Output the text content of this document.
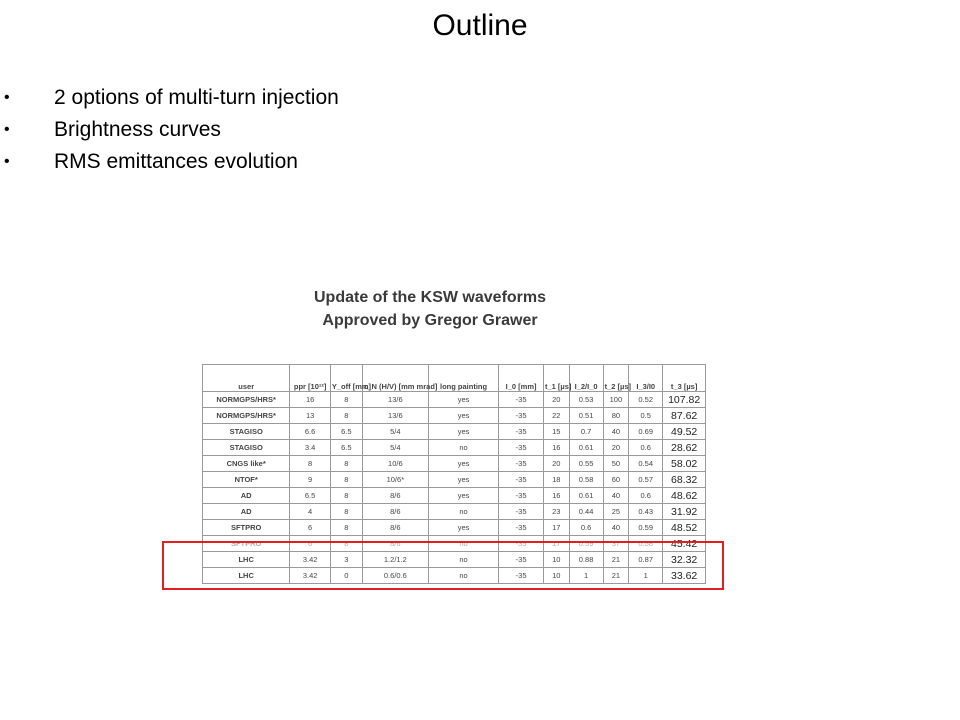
Outline
• 2 options of multi-turn injection
• Brightness curves
• RMS emittances evolution
Update of the KSW waveforms
Approved by Gregor Grawer
user	ppr [10¹²]	Y_off [mm]	ε_N (H/V) [mm mrad]	long painting	I_0 [mm]	t_1 [µs]	I_2/I_0	t_2 [µs]	I_3/I0	t_3 [µs]
NORMGPS/HRS*	16	8	13/6	yes	-35	20	0.53	100	0.52	107.82
NORMGPS/HRS*	13	8	13/6	yes	-35	22	0.51	80	0.5	87.62
STAGISO	6.6	6.5	5/4	yes	-35	15	0.7	40	0.69	49.52
STAGISO	3.4	6.5	5/4	no	-35	16	0.61	20	0.6	28.62
CNGS like*	8	8	10/6	yes	-35	20	0.55	50	0.54	58.02
NTOF*	9	8	10/6*	yes	-35	18	0.58	60	0.57	68.32
AD	6.5	8	8/6	yes	-35	16	0.61	40	0.6	48.62
AD	4	8	8/6	no	-35	23	0.44	25	0.43	31.92
SFTPRO	6	8	8/6	yes	-35	17	0.6	40	0.59	48.52
SFTPRO	6	8	8/6	no	-35	17	0.59	37	0.58	45.42
LHC	3.42	3	1.2/1.2	no	-35	10	0.88	21	0.87	32.32
LHC	3.42	0	0.6/0.6	no	-35	10	1	21	1	33.62
